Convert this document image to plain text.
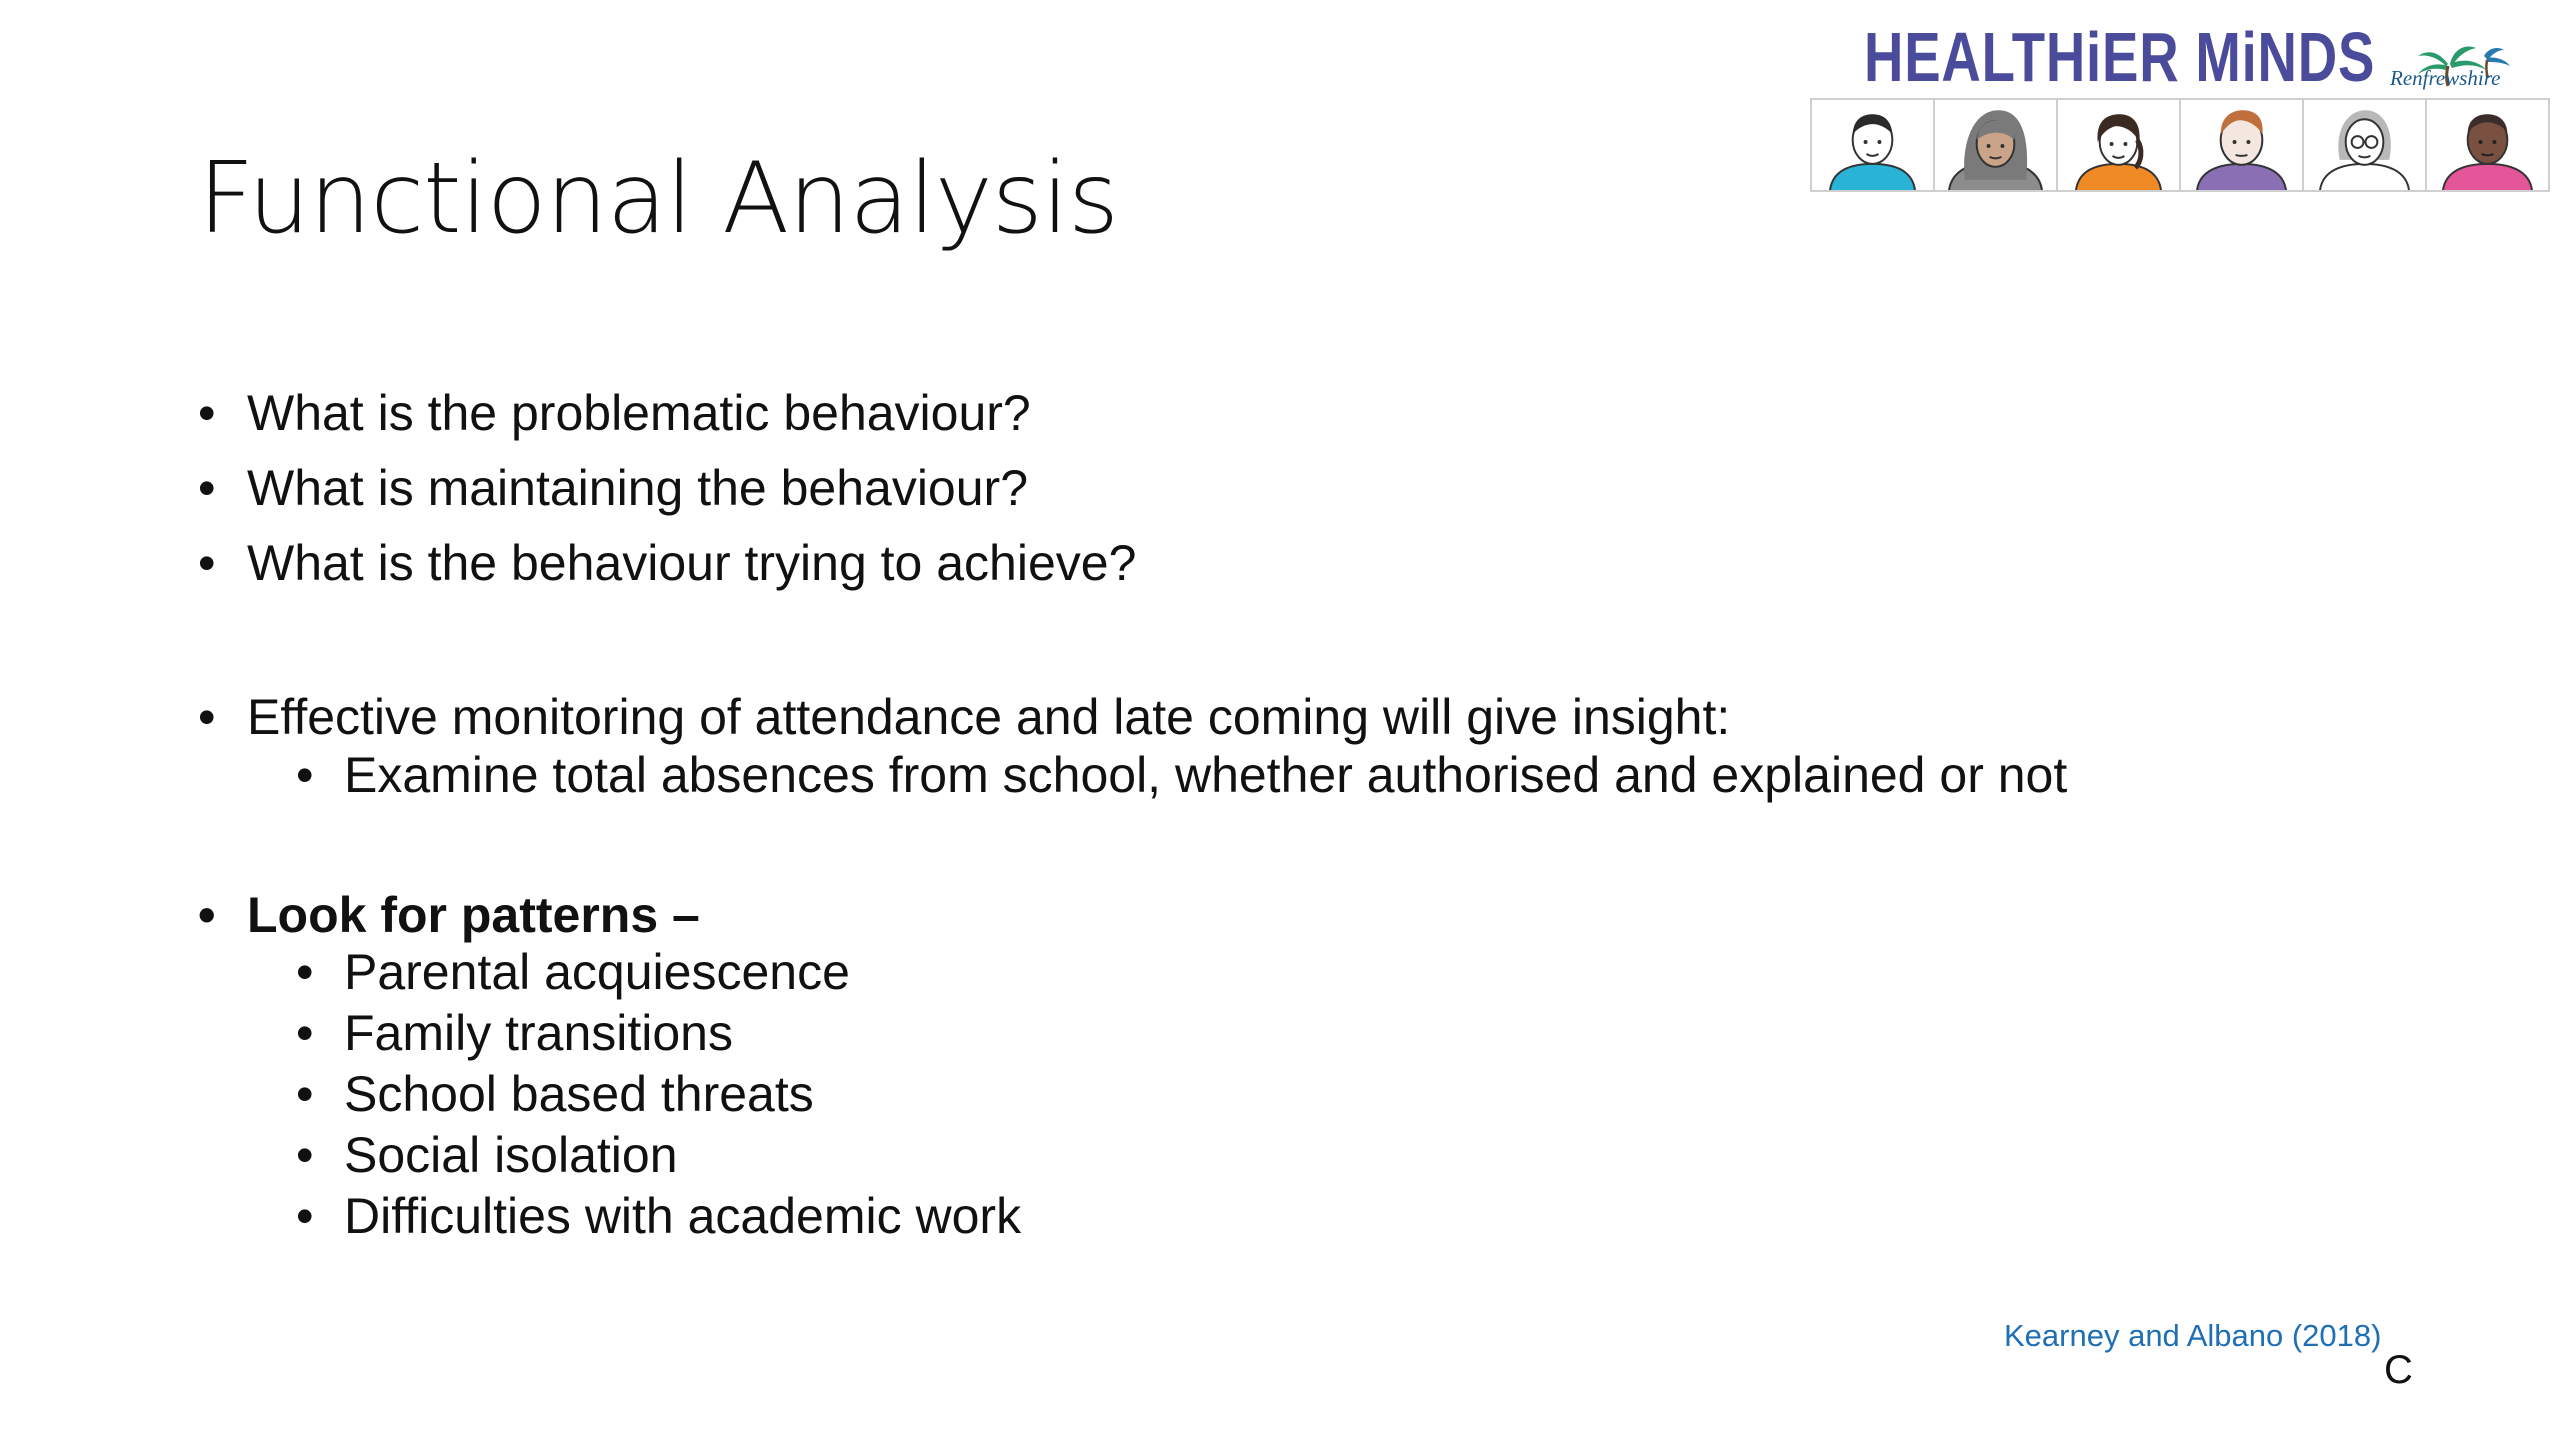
Functional Analysis
HEALTHiER MiNDS Renfrewshire
• What is the problematic behaviour?
• What is maintaining the behaviour?
• What is the behaviour trying to achieve?
• Effective monitoring of attendance and late coming will give insight:
• Examine total absences from school, whether authorised and explained or not
• Look for patterns –
• Parental acquiescence
• Family transitions
• School based threats
• Social isolation
• Difficulties with academic work
Kearney and Albano (2018)
C
